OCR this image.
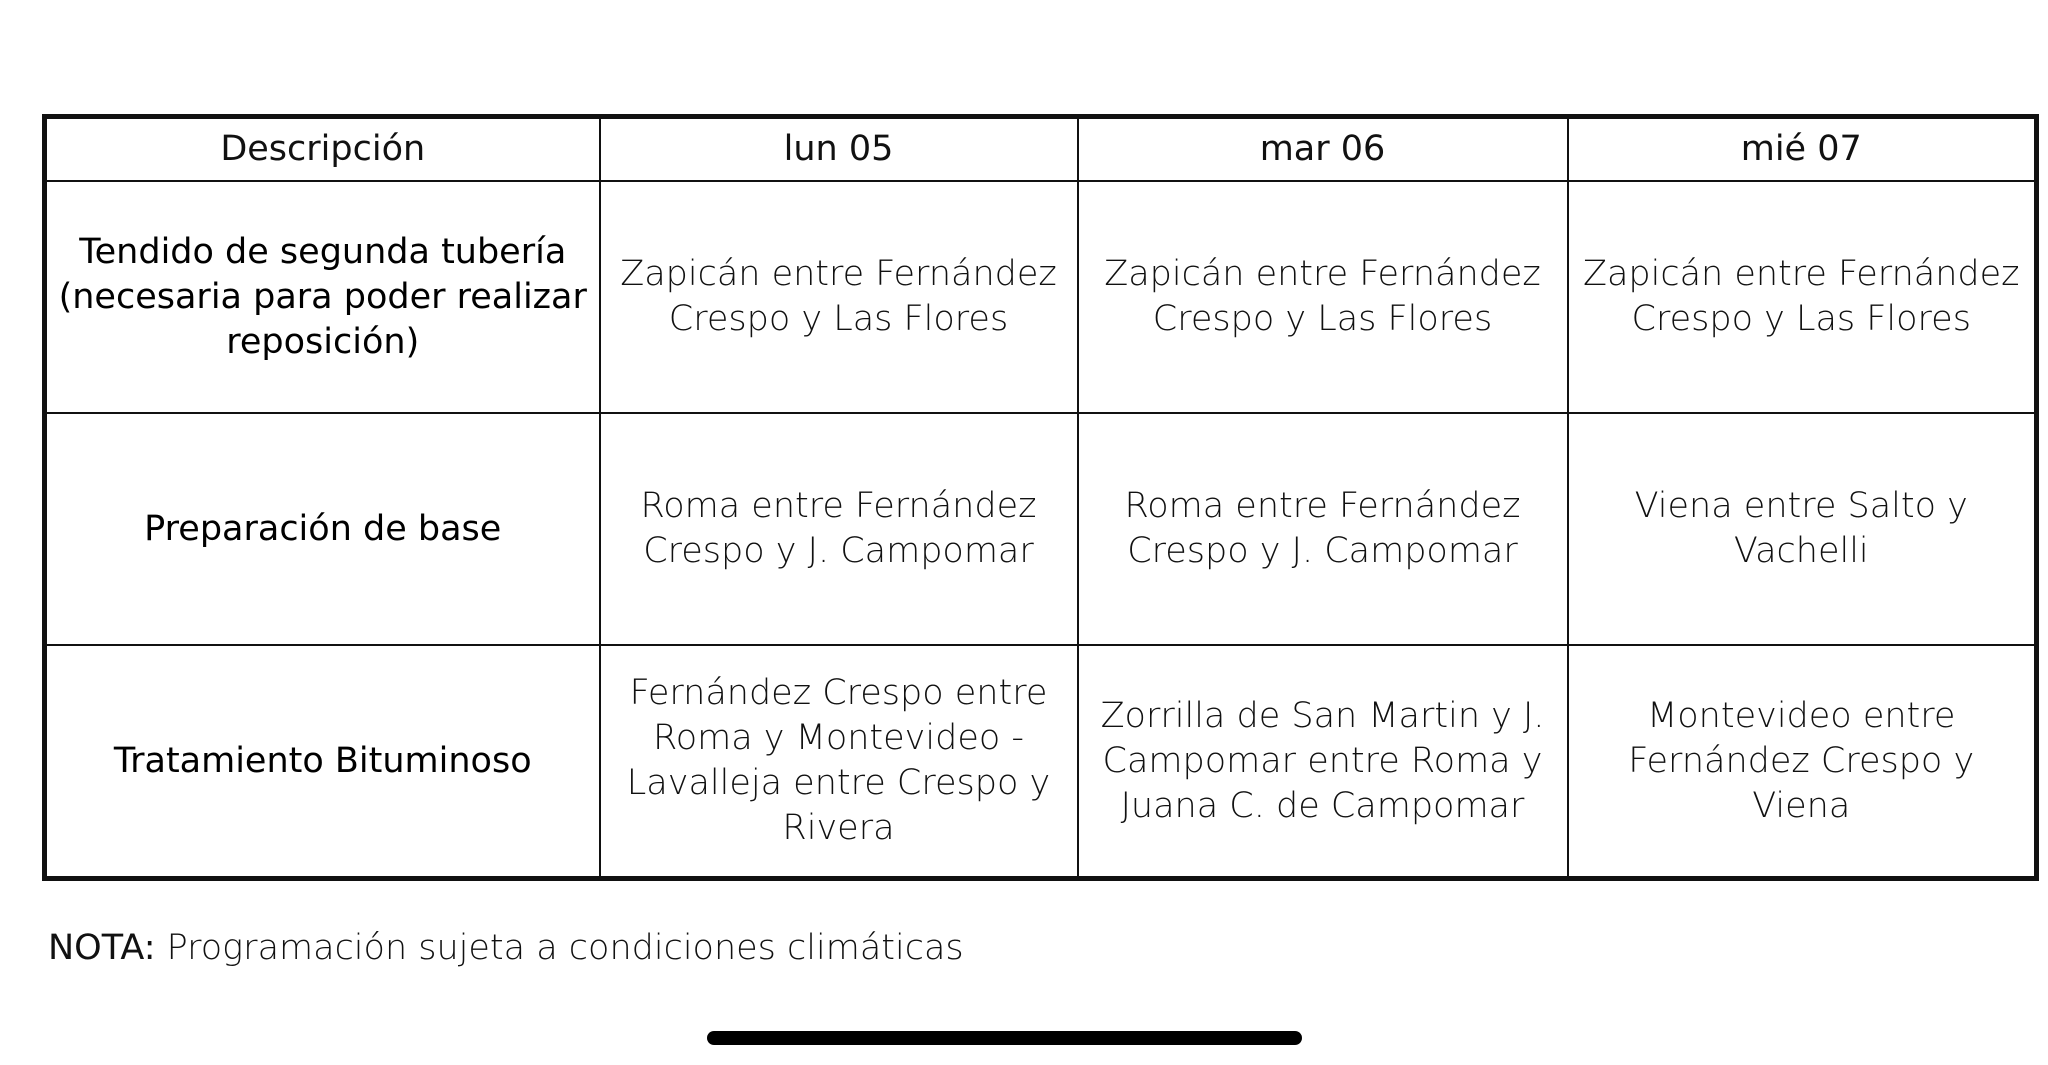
Descripción	lun 05	mar 06	mié 07
Tendido de segunda tubería (necesaria para poder realizar reposición)	Zapicán entre Fernández Crespo y Las Flores	Zapicán entre Fernández Crespo y Las Flores	Zapicán entre Fernández Crespo y Las Flores
Preparación de base	Roma entre Fernández Crespo y J. Campomar	Roma entre Fernández Crespo y J. Campomar	Viena entre Salto y Vachelli
Tratamiento Bituminoso	Fernández Crespo entre Roma y Montevideo - Lavalleja entre Crespo y Rivera	Zorrilla de San Martin y J. Campomar entre Roma y Juana C. de Campomar	Montevideo entre Fernández Crespo y Viena
NOTA: Programación sujeta a condiciones climáticas
